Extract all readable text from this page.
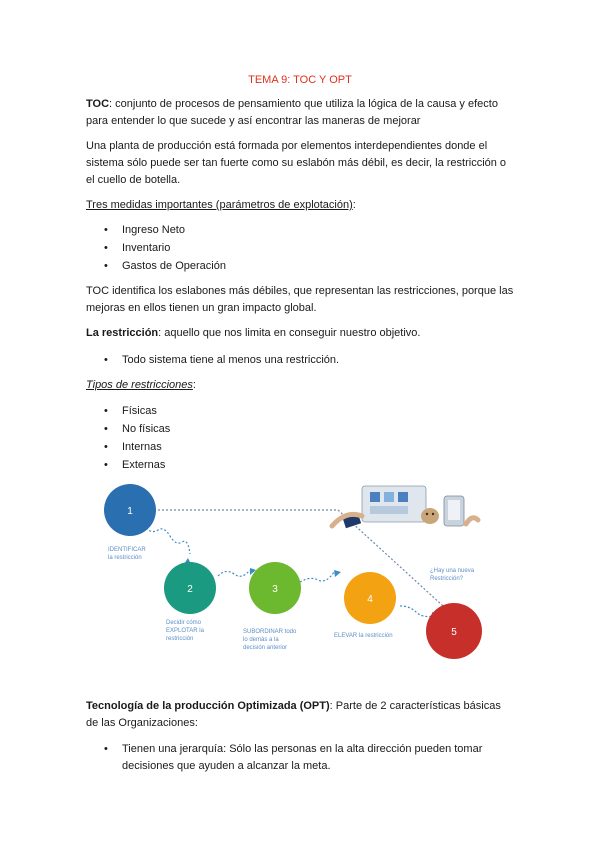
TEMA 9: TOC Y OPT

TOC: conjunto de procesos de pensamiento que utiliza la lógica de la causa y efecto para entender lo que sucede y así encontrar las maneras de mejorar

Una planta de producción está formada por elementos interdependientes donde el sistema sólo puede ser tan fuerte como su eslabón más débil, es decir, la restricción o el cuello de botella.

Tres medidas importantes (parámetros de explotación):

• Ingreso Neto
• Inventario
• Gastos de Operación

TOC identifica los eslabones más débiles, que representan las restricciones, porque las mejoras en ellos tienen un gran impacto global.

La restricción: aquello que nos limita en conseguir nuestro objetivo.

• Todo sistema tiene al menos una restricción.

Tipos de restricciones:

• Físicas
• No físicas
• Internas
• Externas
1
IDENTIFICAR
la restricción
2
Decidir cómo
EXPLOTAR la
restricción
3
SUBORDINAR todo
lo demás a la
decisión anterior
4
ELEVAR la restricción	5
¿Hay una nueva
Restricción?

Tecnología de la producción Optimizada (OPT): Parte de 2 características básicas de las Organizaciones:

• Tienen una jerarquía: Sólo las personas en la alta dirección pueden tomar decisiones que ayuden a alcanzar la meta.
